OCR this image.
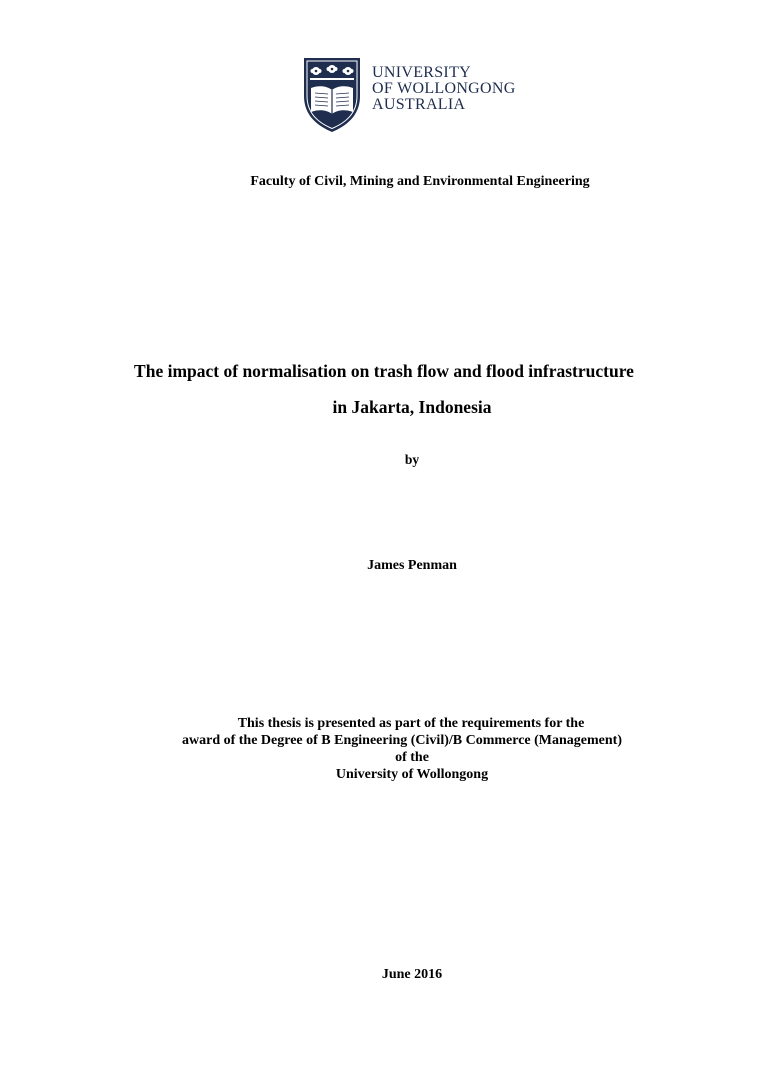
UNIVERSITY
OF WOLLONGONG
AUSTRALIA
Faculty of Civil, Mining and Environmental Engineering
The impact of normalisation on trash flow and flood infrastructure
in Jakarta, Indonesia
by
James Penman
This thesis is presented as part of the requirements for the
award of the Degree of B Engineering (Civil)/B Commerce (Management)
of the
University of Wollongong
June 2016
